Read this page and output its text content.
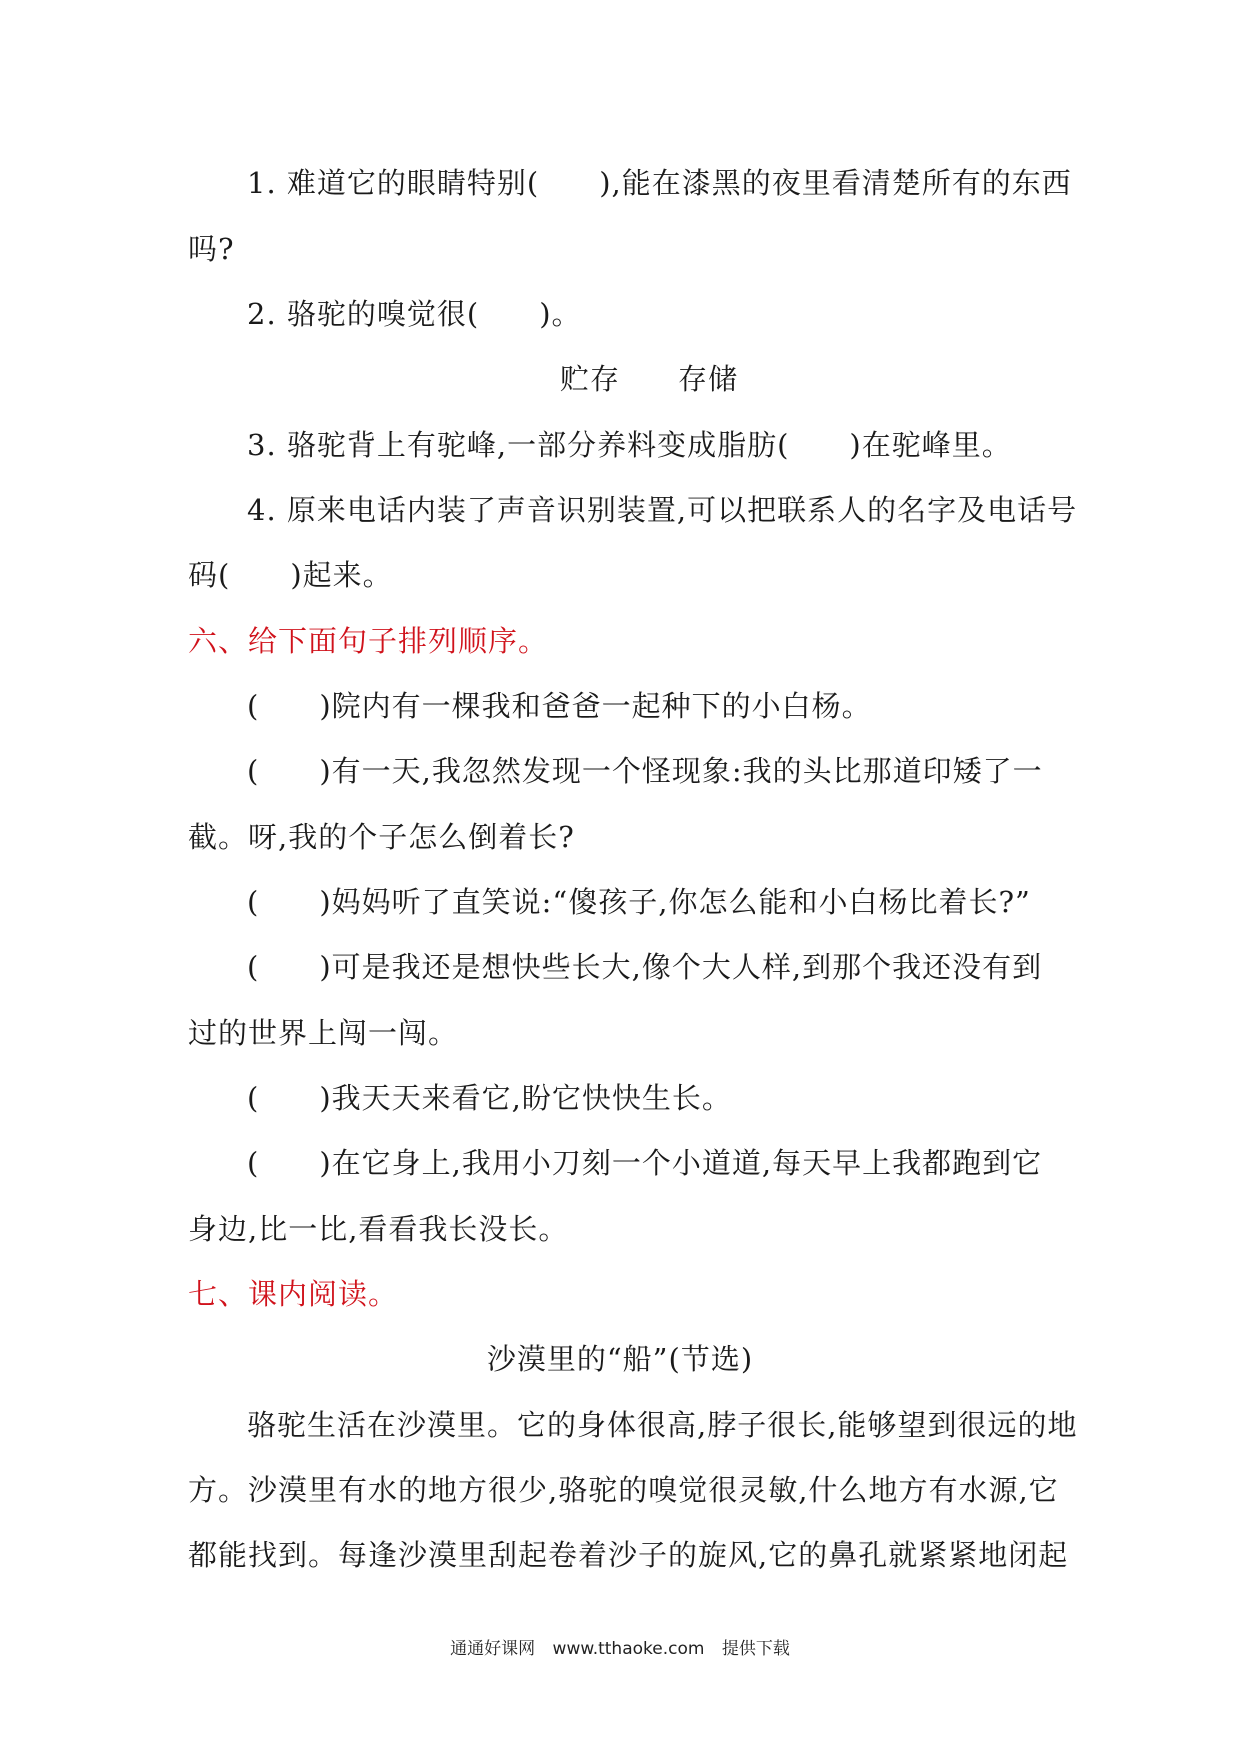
1. 难道它的眼睛特别(　　),能在漆黑的夜里看清楚所有的东西
吗?
2. 骆驼的嗅觉很(　　)。
贮存 存储
3. 骆驼背上有驼峰,一部分养料变成脂肪(　　)在驼峰里。
4. 原来电话内装了声音识别装置,可以把联系人的名字及电话号
码(　　)起来。
六、给下面句子排列顺序。
(　　)院内有一棵我和爸爸一起种下的小白杨。
(　　)有一天,我忽然发现一个怪现象:我的头比那道印矮了一
截。呀,我的个子怎么倒着长?
(　　)妈妈听了直笑说:“傻孩子,你怎么能和小白杨比着长?”
(　　)可是我还是想快些长大,像个大人样,到那个我还没有到
过的世界上闯一闯。
(　　)我天天来看它,盼它快快生长。
(　　)在它身上,我用小刀刻一个小道道,每天早上我都跑到它
身边,比一比,看看我长没长。
七、课内阅读。
沙漠里的“船”(节选)
骆驼生活在沙漠里。它的身体很高,脖子很长,能够望到很远的地
方。沙漠里有水的地方很少,骆驼的嗅觉很灵敏,什么地方有水源,它
都能找到。每逢沙漠里刮起卷着沙子的旋风,它的鼻孔就紧紧地闭起
通通好课网 www.tthaoke.com 提供下载
